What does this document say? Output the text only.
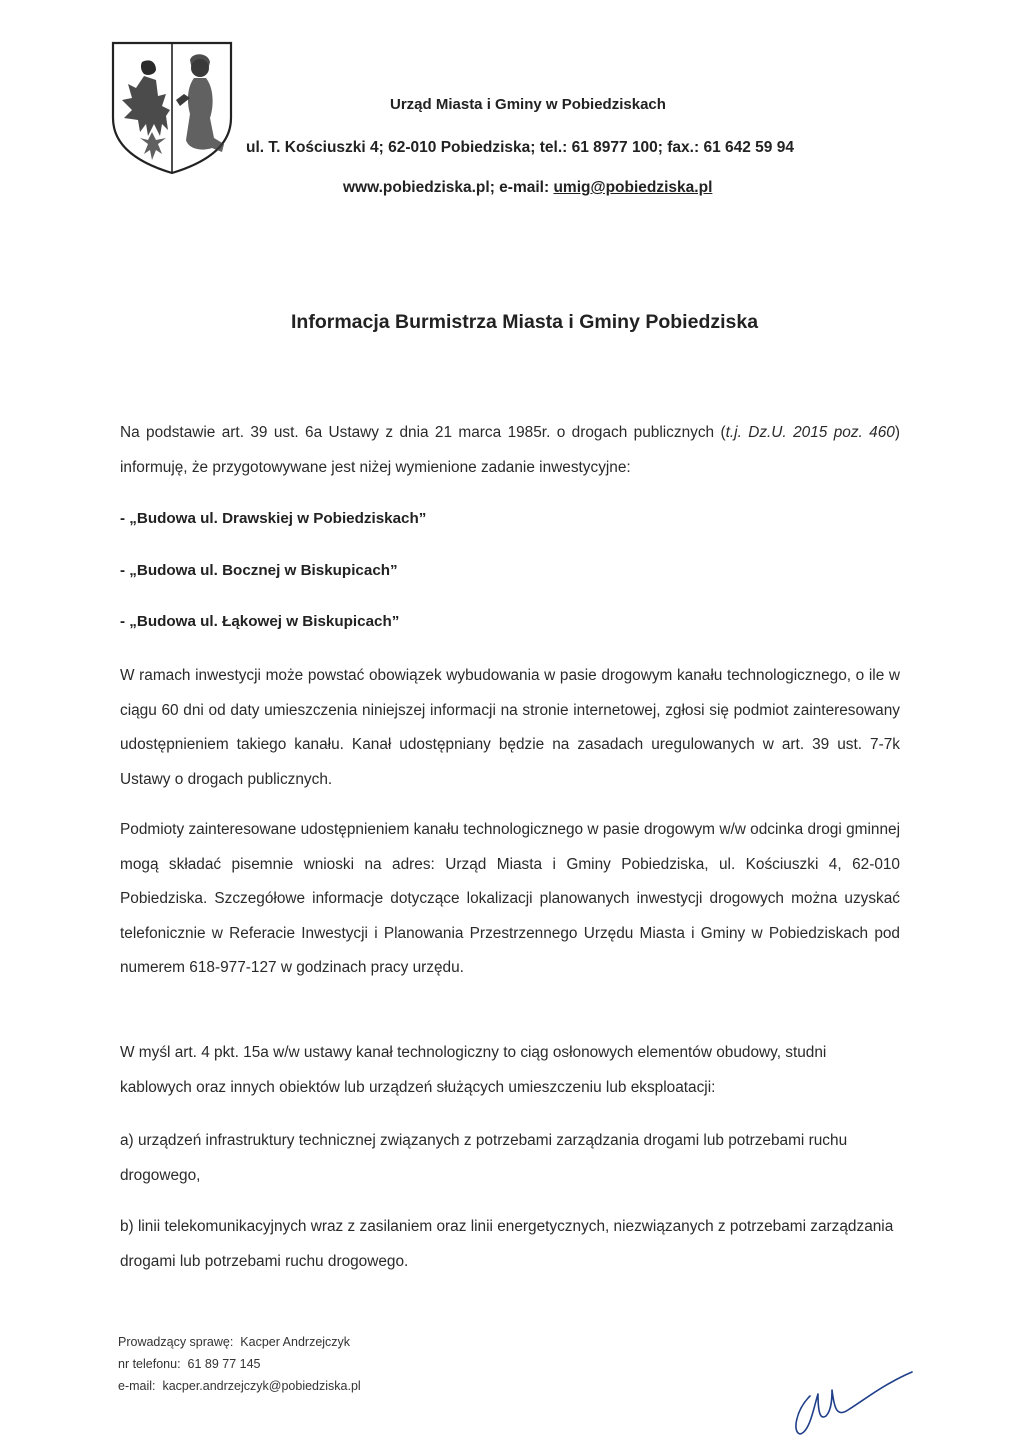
Urząd Miasta i Gminy w Pobiedziskach
ul. T. Kościuszki 4; 62-010 Pobiedziska; tel.: 61 8977 100; fax.: 61 642 59 94
www.pobiedziska.pl; e-mail: umig@pobiedziska.pl
Informacja Burmistrza Miasta i Gminy Pobiedziska

Na podstawie art. 39 ust. 6a Ustawy z dnia 21 marca 1985r. o drogach publicznych (t.j. Dz.U. 2015 poz. 460) informuję, że przygotowywane jest niżej wymienione zadanie inwestycyjne:

- „Budowa ul. Drawskiej w Pobiedziskach”
- „Budowa ul. Bocznej w Biskupicach”
- „Budowa ul. Łąkowej w Biskupicach”

W ramach inwestycji może powstać obowiązek wybudowania w pasie drogowym kanału technologicznego, o ile w ciągu 60 dni od daty umieszczenia niniejszej informacji na stronie internetowej, zgłosi się podmiot zainteresowany udostępnieniem takiego kanału. Kanał udostępniany będzie na zasadach uregulowanych w art. 39 ust. 7-7k Ustawy o drogach publicznych.

Podmioty zainteresowane udostępnieniem kanału technologicznego w pasie drogowym w/w odcinka drogi gminnej mogą składać pisemnie wnioski na adres: Urząd Miasta i Gminy Pobiedziska, ul. Kościuszki 4, 62-010 Pobiedziska. Szczegółowe informacje dotyczące lokalizacji planowanych inwestycji drogowych można uzyskać telefonicznie w Referacie Inwestycji i Planowania Przestrzennego Urzędu Miasta i Gminy w Pobiedziskach pod numerem 618-977-127 w godzinach pracy urzędu.

W myśl art. 4 pkt. 15a w/w ustawy kanał technologiczny to ciąg osłonowych elementów obudowy, studni kablowych oraz innych obiektów lub urządzeń służących umieszczeniu lub eksploatacji:

a) urządzeń infrastruktury technicznej związanych z potrzebami zarządzania drogami lub potrzebami ruchu drogowego,

b) linii telekomunikacyjnych wraz z zasilaniem oraz linii energetycznych, niezwiązanych z potrzebami zarządzania drogami lub potrzebami ruchu drogowego.

Prowadzący sprawę: Kacper Andrzejczyk
nr telefonu: 61 89 77 145
e-mail: kacper.andrzejczyk@pobiedziska.pl
